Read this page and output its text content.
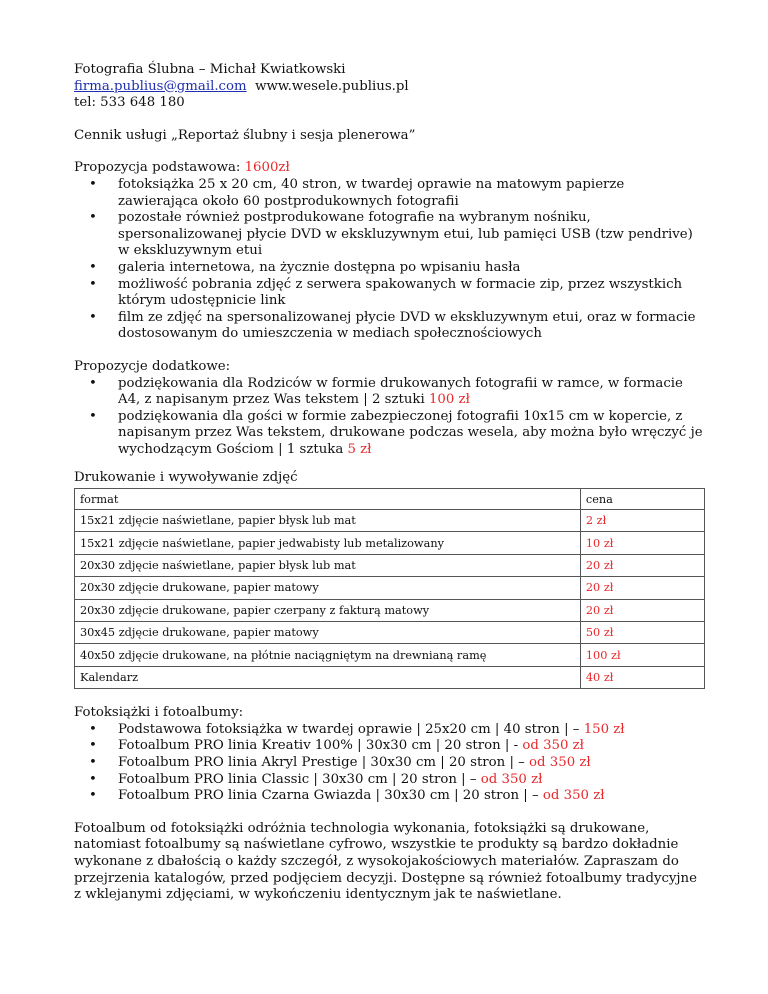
Fotografia Ślubna – Michał Kwiatkowski

firma.publius@gmail.com www.wesele.publius.pl

tel: 533 648 180

Cennik usługi „Reportaż ślubny i sesja plenerowa”

Propozycja podstawowa: 1600zł

• fotoksiążka 25 x 20 cm, 40 stron, w twardej oprawie na matowym papierze zawierająca około 60 postprodukownych fotografii
• pozostałe również postprodukowane fotografie na wybranym nośniku, spersonalizowanej płycie DVD w ekskluzywnym etui, lub pamięci USB (tzw pendrive) w ekskluzywnym etui
• galeria internetowa, na życznie dostępna po wpisaniu hasła
• możliwość pobrania zdjęć z serwera spakowanych w formacie zip, przez wszystkich którym udostępnicie link
• film ze zdjęć na spersonalizowanej płycie DVD w ekskluzywnym etui, oraz w formacie dostosowanym do umieszczenia w mediach społecznościowych

Propozycje dodatkowe:

• podziękowania dla Rodziców w formie drukowanych fotografii w ramce, w formacie A4, z napisanym przez Was tekstem | 2 sztuki 100 zł
• podziękowania dla gości w formie zabezpieczonej fotografii 10x15 cm w kopercie, z napisanym przez Was tekstem, drukowane podczas wesela, aby można było wręczyć je wychodzącym Gościom | 1 sztuka 5 zł

Drukowanie i wywoływanie zdjęć

format	cena
15x21 zdjęcie naświetlane, papier błysk lub mat	2 zł
15x21 zdjęcie naświetlane, papier jedwabisty lub metalizowany	10 zł
20x30 zdjęcie naświetlane, papier błysk lub mat	20 zł
20x30 zdjęcie drukowane, papier matowy	20 zł
20x30 zdjęcie drukowane, papier czerpany z fakturą matowy	20 zł
30x45 zdjęcie drukowane, papier matowy	50 zł
40x50 zdjęcie drukowane, na płótnie naciągniętym na drewnianą ramę	100 zł
Kalendarz	40 zł

Fotoksiążki i fotoalbumy:

• Podstawowa fotoksiążka w twardej oprawie | 25x20 cm | 40 stron | – 150 zł
• Fotoalbum PRO linia Kreativ 100% | 30x30 cm | 20 stron | - od 350 zł
• Fotoalbum PRO linia Akryl Prestige | 30x30 cm | 20 stron | – od 350 zł
• Fotoalbum PRO linia Classic | 30x30 cm | 20 stron | – od 350 zł
• Fotoalbum PRO linia Czarna Gwiazda | 30x30 cm | 20 stron | – od 350 zł

Fotoalbum od fotoksiążki odróżnia technologia wykonania, fotoksiążki są drukowane, natomiast fotoalbumy są naświetlane cyfrowo, wszystkie te produkty są bardzo dokładnie wykonane z dbałością o każdy szczegół, z wysokojakościowych materiałów. Zapraszam do przejrzenia katalogów, przed podjęciem decyzji. Dostępne są również fotoalbumy tradycyjne z wklejanymi zdjęciami, w wykończeniu identycznym jak te naświetlane.
